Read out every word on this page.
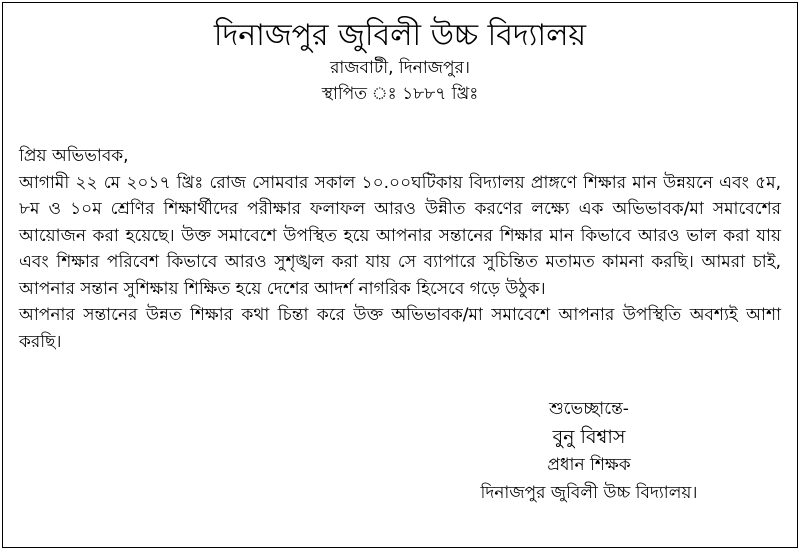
দিনাজপুর জুবিলী উচ্চ বিদ্যালয়

রাজবাটী, দিনাজপুর।

স্থাপিত ঃ ১৮৮৭ খ্রিঃ

প্রিয় অভিভাবক,

আগামী ২২ মে ২০১৭ খ্রিঃ রোজ সোমবার সকাল ১০.০০ঘটিকায় বিদ্যালয় প্রাঙ্গণে শিক্ষার মান উন্নয়নে এবং ৫ম, ৮ম ও ১০ম শ্রেণির শিক্ষার্থীদের পরীক্ষার ফলাফল আরও উন্নীত করণের লক্ষ্যে এক অভিভাবক/মা সমাবেশের আয়োজন করা হয়েছে। উক্ত সমাবেশে উপস্থিত হয়ে আপনার সন্তানের শিক্ষার মান কিভাবে আরও ভাল করা যায় এবং শিক্ষার পরিবেশ কিভাবে আরও সুশৃঙ্খল করা যায় সে ব্যাপারে সুচিন্তিত মতামত কামনা করছি। আমরা চাই, আপনার সন্তান সুশিক্ষায় শিক্ষিত হয়ে দেশের আদর্শ নাগরিক হিসেবে গড়ে উঠুক।

আপনার সন্তানের উন্নত শিক্ষার কথা চিন্তা করে উক্ত অভিভাবক/মা সমাবেশে আপনার উপস্থিতি অবশ্যই আশা করছি।

শুভেচ্ছান্তে-
বুনু বিশ্বাস
প্রধান শিক্ষক
দিনাজপুর জুবিলী উচ্চ বিদ্যালয়।
